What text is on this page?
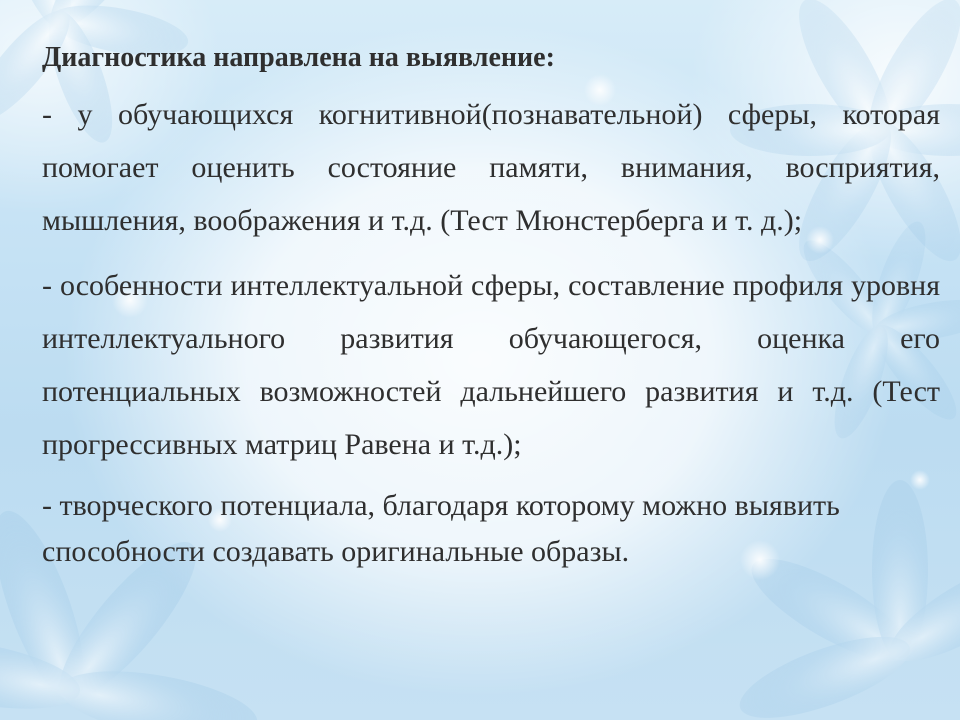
Диагностика направлена на выявление:
- у обучающихся когнитивной(познавательной) сферы, которая помогает оценить состояние памяти, внимания, восприятия, мышления, воображения и т.д. (Тест Мюнстерберга и т. д.);
- особенности интеллектуальной сферы, составление профиля уровня интеллектуального развития обучающегося, оценка его потенциальных возможностей дальнейшего развития и т.д. (Тест прогрессивных матриц Равена и т.д.);
- творческого потенциала, благодаря которому можно выявить способности создавать оригинальные образы.
